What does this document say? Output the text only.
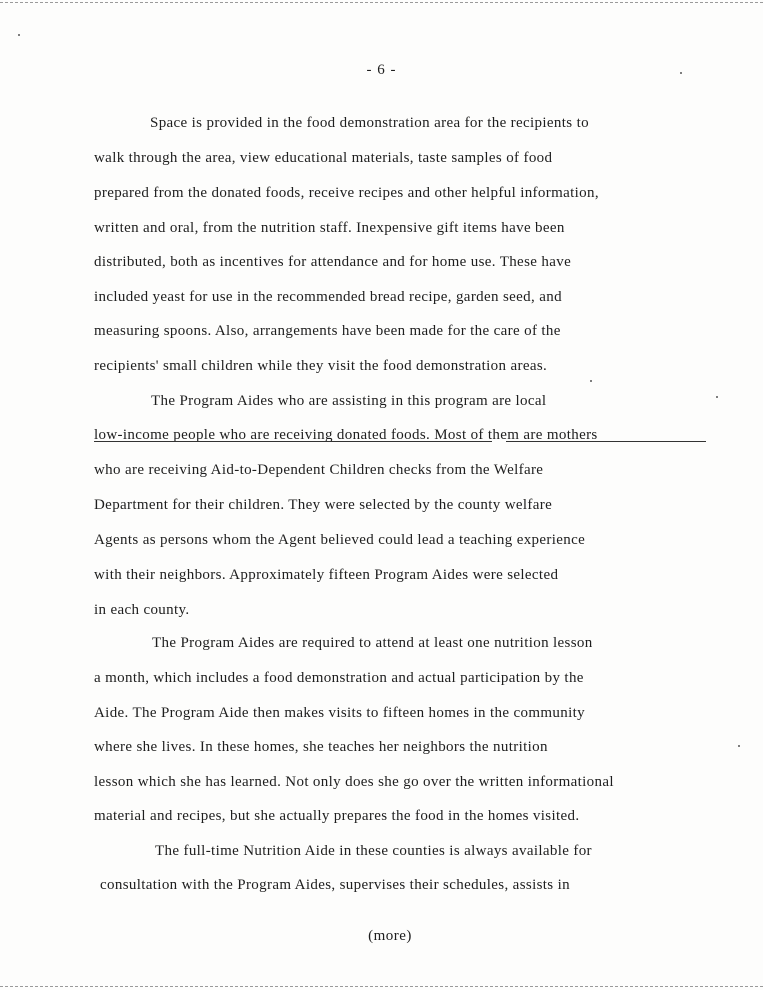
- 6 -
Space is provided in the food demonstration area for the recipients to
walk through the area, view educational materials, taste samples of food
prepared from the donated foods, receive recipes and other helpful information,
written and oral, from the nutrition staff. Inexpensive gift items have been
distributed, both as incentives for attendance and for home use. These have
included yeast for use in the recommended bread recipe, garden seed, and
measuring spoons. Also, arrangements have been made for the care of the
recipients' small children while they visit the food demonstration areas.
The Program Aides who are assisting in this program are local
low-income people who are receiving donated foods. Most of them are mothers
who are receiving Aid-to-Dependent Children checks from the Welfare
Department for their children. They were selected by the county welfare
Agents as persons whom the Agent believed could lead a teaching experience
with their neighbors. Approximately fifteen Program Aides were selected
in each county.
The Program Aides are required to attend at least one nutrition lesson
a month, which includes a food demonstration and actual participation by the
Aide. The Program Aide then makes visits to fifteen homes in the community
where she lives. In these homes, she teaches her neighbors the nutrition
lesson which she has learned. Not only does she go over the written informational
material and recipes, but she actually prepares the food in the homes visited.
The full-time Nutrition Aide in these counties is always available for
consultation with the Program Aides, supervises their schedules, assists in
(more)
